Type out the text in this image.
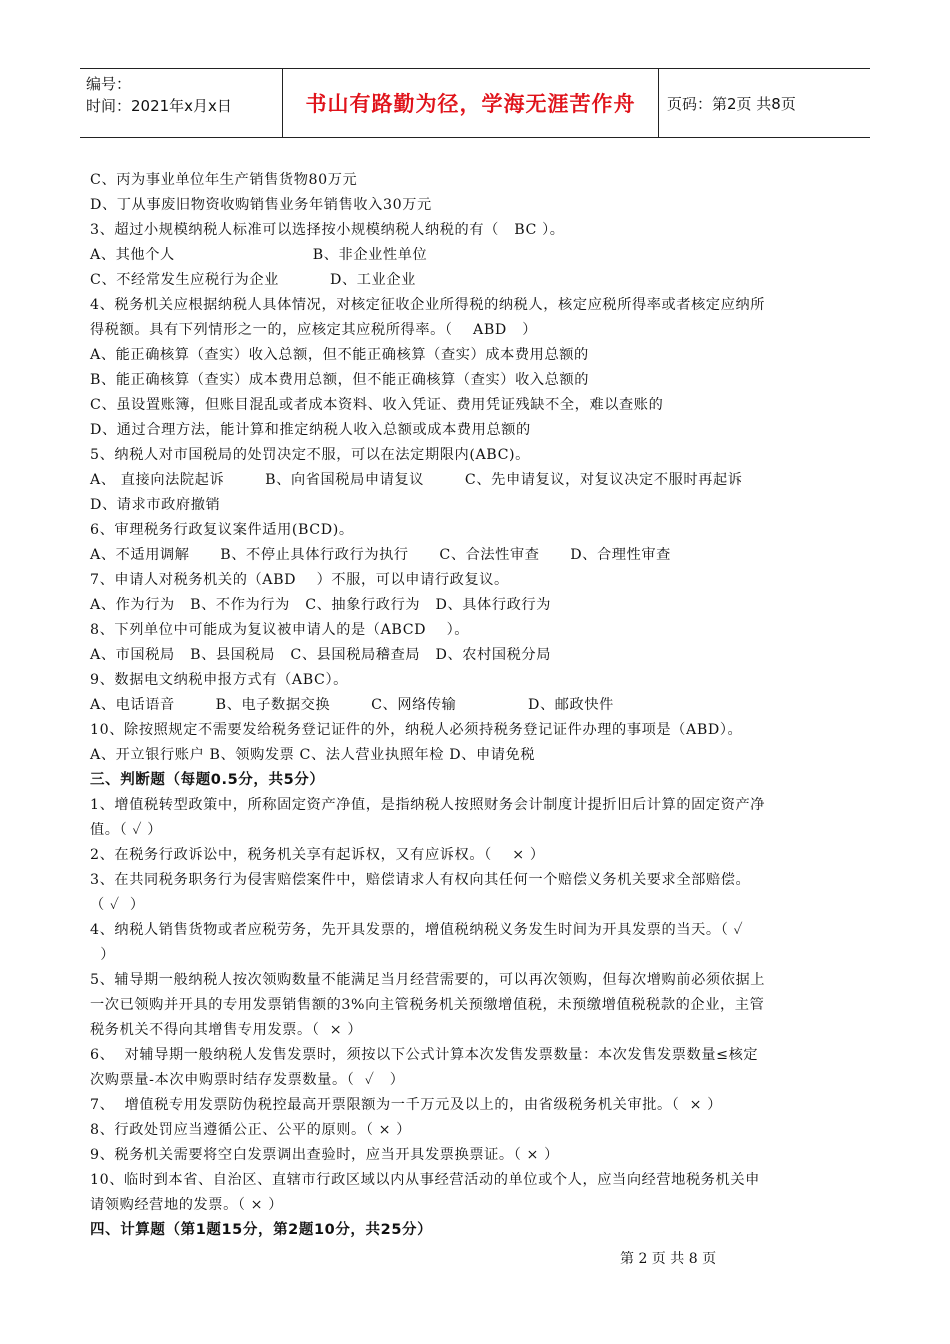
编号：
时间：2021年x月x日	书山有路勤为径，学海无涯苦作舟	页码：第2页 共8页

C、丙为事业单位年生产销售货物80万元

D、丁从事废旧物资收购销售业务年销售收入30万元

3、超过小规模纳税人标准可以选择按小规模纳税人纳税的有（   BC ）。

A、其他个人                           B、非企业性单位

C、不经常发生应税行为企业          D、工业企业

4、税务机关应根据纳税人具体情况，对核定征收企业所得税的纳税人，核定应税所得率或者核定应纳所

得税额。具有下列情形之一的，应核定其应税所得率。（    ABD   ）

A、能正确核算（查实）收入总额，但不能正确核算（查实）成本费用总额的

B、能正确核算（查实）成本费用总额，但不能正确核算（查实）收入总额的

C、虽设置账簿，但账目混乱或者成本资料、收入凭证、费用凭证残缺不全，难以查账的

D、通过合理方法，能计算和推定纳税人收入总额或成本费用总额的

5、纳税人对市国税局的处罚决定不服，可以在法定期限内(ABC)。

A、 直接向法院起诉        B、向省国税局申请复议        C、先申请复议，对复议决定不服时再起诉

D、请求市政府撤销

6、审理税务行政复议案件适用(BCD)。

A、不适用调解      B、不停止具体行政行为执行      C、合法性审查      D、合理性审查

7、申请人对税务机关的（ABD    ）不服，可以申请行政复议。

A、作为行为   B、不作为行为   C、抽象行政行为   D、具体行政行为

8、下列单位中可能成为复议被申请人的是（ABCD    ）。

A、市国税局   B、县国税局   C、县国税局稽查局   D、农村国税分局

9、数据电文纳税申报方式有（ABC）。

A、电话语音        B、电子数据交换        C、网络传输              D、邮政快件

10、除按照规定不需要发给税务登记证件的外，纳税人必须持税务登记证件办理的事项是（ABD）。

A、开立银行账户 B、领购发票 C、法人营业执照年检 D、申请免税

三、判断题（每题0.5分，共5分）

1、增值税转型政策中，所称固定资产净值，是指纳税人按照财务会计制度计提折旧后计算的固定资产净

值。（ ✓ ）

2、在税务行政诉讼中，税务机关享有起诉权，又有应诉权。（    × ）

3、在共同税务职务行为侵害赔偿案件中，赔偿请求人有权向其任何一个赔偿义务机关要求全部赔偿。

（ ✓  ）

4、纳税人销售货物或者应税劳务，先开具发票的，增值税纳税义务发生时间为开具发票的当天。（ ✓

）

5、辅导期一般纳税人按次领购数量不能满足当月经营需要的，可以再次领购，但每次增购前必须依据上

一次已领购并开具的专用发票销售额的3%向主管税务机关预缴增值税，未预缴增值税税款的企业，主管

税务机关不得向其增售专用发票。（  × ）

6、  对辅导期一般纳税人发售发票时，须按以下公式计算本次发售发票数量：本次发售发票数量≤核定

次购票量-本次申购票时结存发票数量。（  ✓   ）

7、  增值税专用发票防伪税控最高开票限额为一千万元及以上的，由省级税务机关审批。（  × ）

8、行政处罚应当遵循公正、公平的原则。（ × ）

9、税务机关需要将空白发票调出查验时，应当开具发票换票证。（ × ）

10、临时到本省、自治区、直辖市行政区域以内从事经营活动的单位或个人，应当向经营地税务机关申

请领购经营地的发票。（ × ）

四、计算题（第1题15分，第2题10分，共25分）

第 2 页 共 8 页
